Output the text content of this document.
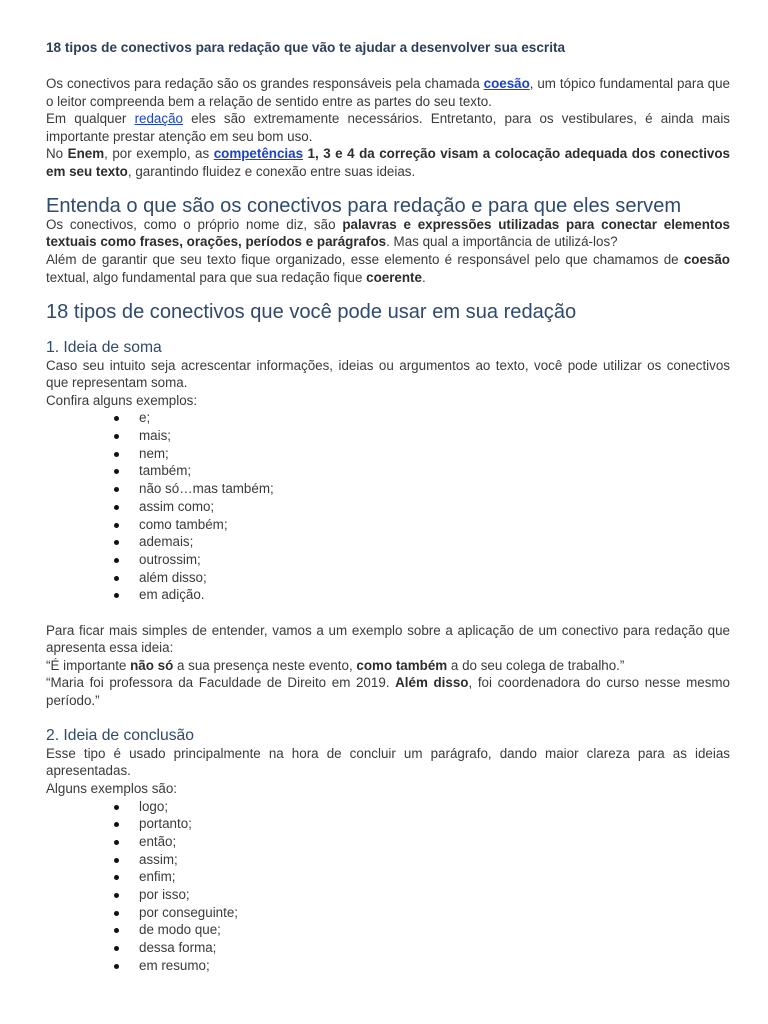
18 tipos de conectivos para redação que vão te ajudar a desenvolver sua escrita

Os conectivos para redação são os grandes responsáveis pela chamada coesão, um tópico fundamental para que o leitor compreenda bem a relação de sentido entre as partes do seu texto.

Em qualquer redação eles são extremamente necessários. Entretanto, para os vestibulares, é ainda mais importante prestar atenção em seu bom uso.

No Enem, por exemplo, as competências 1, 3 e 4 da correção visam a colocação adequada dos conectivos em seu texto, garantindo fluidez e conexão entre suas ideias.

Entenda o que são os conectivos para redação e para que eles servem

Os conectivos, como o próprio nome diz, são palavras e expressões utilizadas para conectar elementos textuais como frases, orações, períodos e parágrafos. Mas qual a importância de utilizá-los?

Além de garantir que seu texto fique organizado, esse elemento é responsável pelo que chamamos de coesão textual, algo fundamental para que sua redação fique coerente.

18 tipos de conectivos que você pode usar em sua redação
1. Ideia de soma

Caso seu intuito seja acrescentar informações, ideias ou argumentos ao texto, você pode utilizar os conectivos que representam soma.

Confira alguns exemplos:

e;
mais;
nem;
também;
não só…mas também;
assim como;
como também;
ademais;
outrossim;
além disso;
em adição.

Para ficar mais simples de entender, vamos a um exemplo sobre a aplicação de um conectivo para redação que apresenta essa ideia:

“É importante não só a sua presença neste evento, como também a do seu colega de trabalho.”

“Maria foi professora da Faculdade de Direito em 2019. Além disso, foi coordenadora do curso nesse mesmo período.”

2. Ideia de conclusão

Esse tipo é usado principalmente na hora de concluir um parágrafo, dando maior clareza para as ideias apresentadas.

Alguns exemplos são:

logo;
portanto;
então;
assim;
enfim;
por isso;
por conseguinte;
de modo que;
dessa forma;
em resumo;
